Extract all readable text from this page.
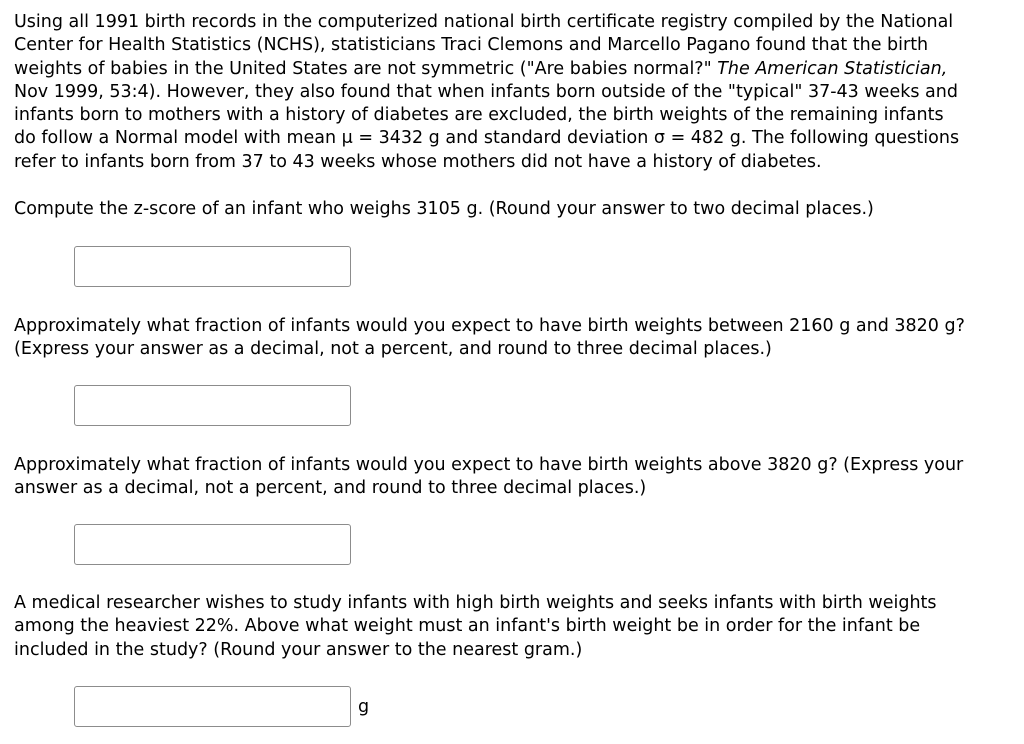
Using all 1991 birth records in the computerized national birth certificate registry compiled by the National
Center for Health Statistics (NCHS), statisticians Traci Clemons and Marcello Pagano found that the birth
weights of babies in the United States are not symmetric ("Are babies normal?" The American Statistician,
Nov 1999, 53:4). However, they also found that when infants born outside of the "typical" 37-43 weeks and
infants born to mothers with a history of diabetes are excluded, the birth weights of the remaining infants
do follow a Normal model with mean μ = 3432 g and standard deviation σ = 482 g. The following questions
refer to infants born from 37 to 43 weeks whose mothers did not have a history of diabetes.
Compute the z-score of an infant who weighs 3105 g. (Round your answer to two decimal places.)
Approximately what fraction of infants would you expect to have birth weights between 2160 g and 3820 g?
(Express your answer as a decimal, not a percent, and round to three decimal places.)
Approximately what fraction of infants would you expect to have birth weights above 3820 g? (Express your
answer as a decimal, not a percent, and round to three decimal places.)
A medical researcher wishes to study infants with high birth weights and seeks infants with birth weights
among the heaviest 22%. Above what weight must an infant's birth weight be in order for the infant be
included in the study? (Round your answer to the nearest gram.)
g
